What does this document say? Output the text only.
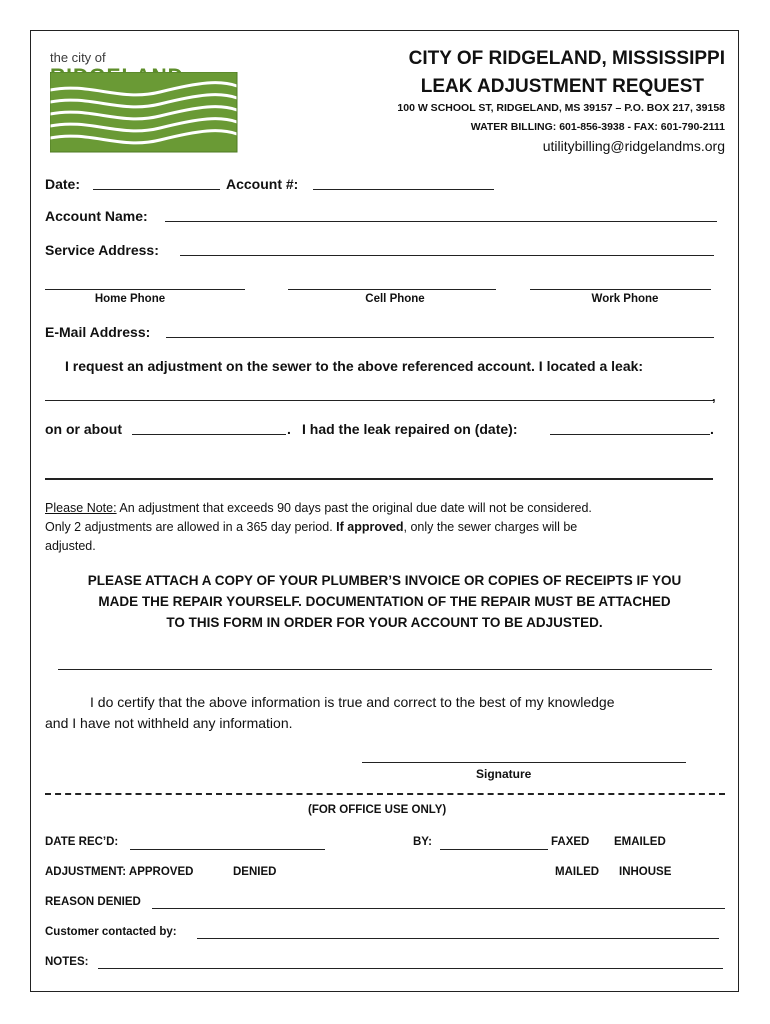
the city of	CITY OF RIDGELAND, MISSISSIPPI
LEAK ADJUSTMENT REQUEST
100 W SCHOOL ST, RIDGELAND, MS 39157 – P.O. BOX 217, 39158
WATER BILLING: 601-856-3938 - FAX: 601-790-2111
utilitybilling@ridgelandms.org
Date:	Account #:
Account Name:
Service Address:
Home Phone	Cell Phone	Work Phone
E-Mail Address:
I request an adjustment on the sewer to the above referenced account. I located a leak:
,
on or about	. I had the leak repaired on (date):	.
Please Note: An adjustment that exceeds 90 days past the original due date will not be considered.
Only 2 adjustments are allowed in a 365 day period. If approved, only the sewer charges will be
adjusted.
PLEASE ATTACH A COPY OF YOUR PLUMBER’S INVOICE OR COPIES OF RECEIPTS IF YOU
MADE THE REPAIR YOURSELF. DOCUMENTATION OF THE REPAIR MUST BE ATTACHED
TO THIS FORM IN ORDER FOR YOUR ACCOUNT TO BE ADJUSTED.
I do certify that the above information is true and correct to the best of my knowledge
and I have not withheld any information.
Signature
(FOR OFFICE USE ONLY)
DATE REC’D:	BY:	FAXED EMAILED
ADJUSTMENT: APPROVED	DENIED	MAILED INHOUSE
REASON DENIED
Customer contacted by:
NOTES:
